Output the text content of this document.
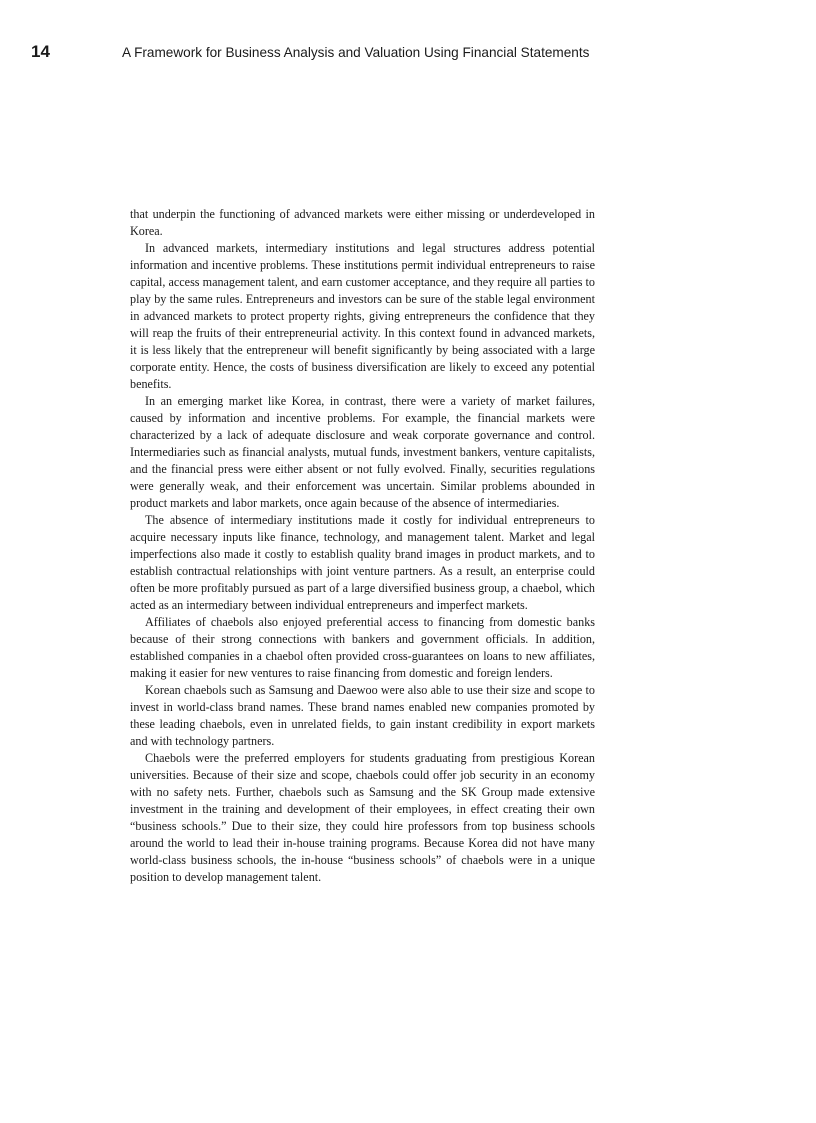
14	A Framework for Business Analysis and Valuation Using Financial Statements

that underpin the functioning of advanced markets were either missing or underdeveloped in Korea.

In advanced markets, intermediary institutions and legal structures address potential information and incentive problems. These institutions permit individual entrepreneurs to raise capital, access management talent, and earn customer acceptance, and they require all parties to play by the same rules. Entrepreneurs and investors can be sure of the stable legal environment in advanced markets to protect property rights, giving entrepreneurs the confidence that they will reap the fruits of their entrepreneurial activity. In this context found in advanced markets, it is less likely that the entrepreneur will benefit significantly by being associated with a large corporate entity. Hence, the costs of business diversification are likely to exceed any potential benefits.

In an emerging market like Korea, in contrast, there were a variety of market failures, caused by information and incentive problems. For example, the financial markets were characterized by a lack of adequate disclosure and weak corporate governance and control. Intermediaries such as financial analysts, mutual funds, investment bankers, venture capitalists, and the financial press were either absent or not fully evolved. Finally, securities regulations were generally weak, and their enforcement was uncertain. Similar problems abounded in product markets and labor markets, once again because of the absence of intermediaries.

The absence of intermediary institutions made it costly for individual entrepreneurs to acquire necessary inputs like finance, technology, and management talent. Market and legal imperfections also made it costly to establish quality brand images in product markets, and to establish contractual relationships with joint venture partners. As a result, an enterprise could often be more profitably pursued as part of a large diversified business group, a chaebol, which acted as an intermediary between individual entrepreneurs and imperfect markets.

Affiliates of chaebols also enjoyed preferential access to financing from domestic banks because of their strong connections with bankers and government officials. In addition, established companies in a chaebol often provided cross-guarantees on loans to new affiliates, making it easier for new ventures to raise financing from domestic and foreign lenders.

Korean chaebols such as Samsung and Daewoo were also able to use their size and scope to invest in world-class brand names. These brand names enabled new companies promoted by these leading chaebols, even in unrelated fields, to gain instant credibility in export markets and with technology partners.

Chaebols were the preferred employers for students graduating from prestigious Korean universities. Because of their size and scope, chaebols could offer job security in an economy with no safety nets. Further, chaebols such as Samsung and the SK Group made extensive investment in the training and development of their employees, in effect creating their own “business schools.” Due to their size, they could hire professors from top business schools around the world to lead their in-house training programs. Because Korea did not have many world-class business schools, the in-house “business schools” of chaebols were in a unique position to develop management talent.
